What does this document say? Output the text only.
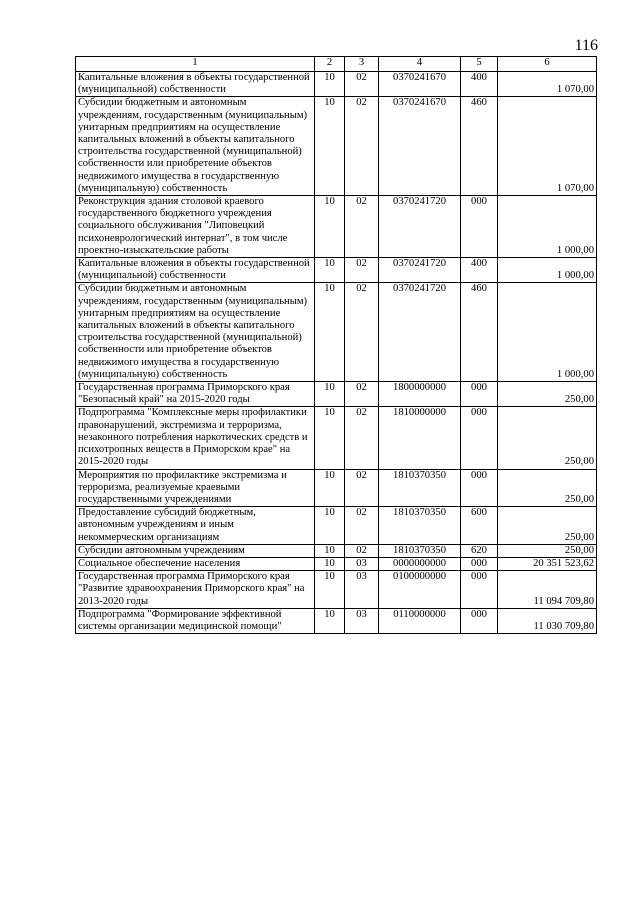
116
1	2	3	4	5	6
Капитальные вложения в объекты государственной (муниципальной) собственности	10	02	0370241670	400	1 070,00
Субсидии бюджетным и автономным учреждениям, государственным (муниципальным) унитарным предприятиям на осуществление капитальных вложений в объекты капитального строительства государственной (муниципальной) собственности или приобретение объектов недвижимого имущества в государственную (муниципальную) собственность	10	02	0370241670	460	1 070,00
Реконструкция здания столовой краевого государственного бюджетного учреждения социального обслуживания "Липовецкий психоневрологический интернат", в том числе проектно-изыскательские работы	10	02	0370241720	000	1 000,00
Капитальные вложения в объекты государственной (муниципальной) собственности	10	02	0370241720	400	1 000,00
Субсидии бюджетным и автономным учреждениям, государственным (муниципальным) унитарным предприятиям на осуществление капитальных вложений в объекты капитального строительства государственной (муниципальной) собственности или приобретение объектов недвижимого имущества в государственную (муниципальную) собственность	10	02	0370241720	460	1 000,00
Государственная программа Приморского края "Безопасный край" на 2015-2020 годы	10	02	1800000000	000	250,00
Подпрограмма "Комплексные меры профилактики правонарушений, экстремизма и терроризма, незаконного потребления наркотических средств и психотропных веществ в Приморском крае" на 2015-2020 годы	10	02	1810000000	000	250,00
Мероприятия по профилактике экстремизма и терроризма, реализуемые краевыми государственными учреждениями	10	02	1810370350	000	250,00
Предоставление субсидий бюджетным, автономным учреждениям и иным некоммерческим организациям	10	02	1810370350	600	250,00
Субсидии автономным учреждениям	10	02	1810370350	620	250,00
Социальное обеспечение населения	10	03	0000000000	000	20 351 523,62
Государственная программа Приморского края "Развитие здравоохранения Приморского края" на 2013-2020 годы	10	03	0100000000	000	11 094 709,80
Подпрограмма "Формирование эффективной системы организации медицинской помощи"	10	03	0110000000	000	11 030 709,80
